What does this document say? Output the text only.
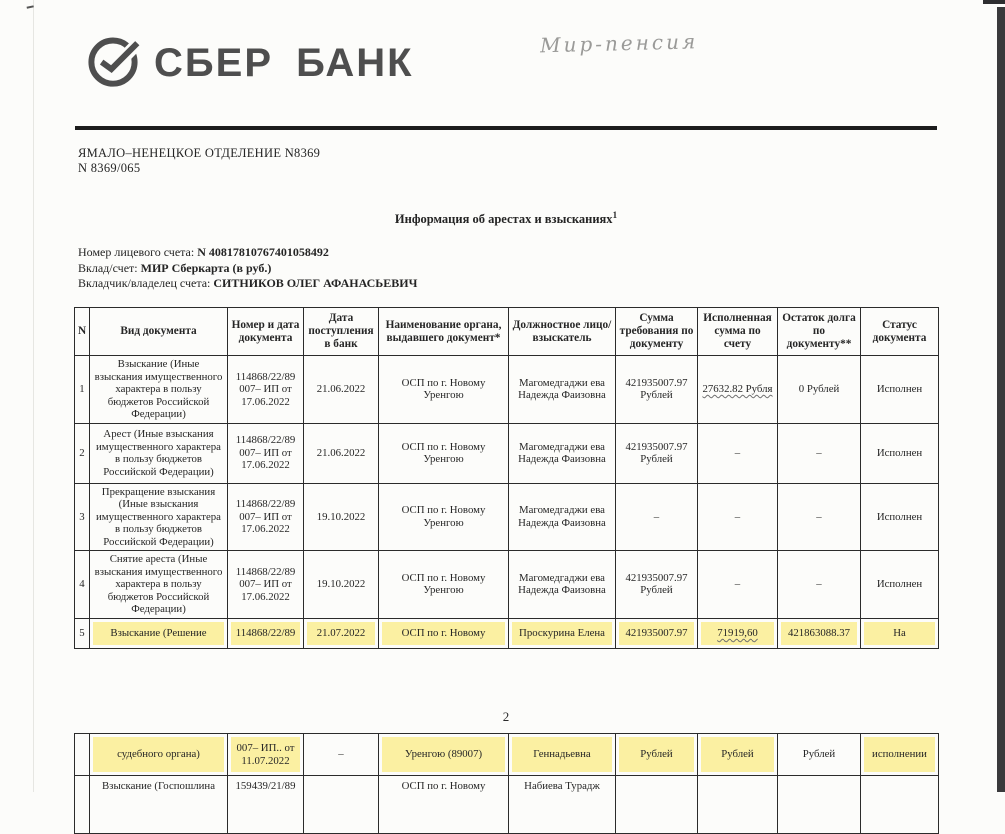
СБЕР БАНК	Мир-пенсия
ЯМАЛО–НЕНЕЦКОЕ ОТДЕЛЕНИЕ N8369
N 8369/065
Информация об арестах и взысканиях$^1$
Номер лицевого счета: N 40817810767401058492
Вклад/счет: МИР Сберкарта (в руб.)
Вкладчик/владелец счета: СИТНИКОВ ОЛЕГ АФАНАСЬЕВИЧ
N	Вид документа	Номер и дата документа	Дата поступления в банк	Наименование органа, выдавшего документ*	Должностное лицо/взыскатель	Сумма требования по документу	Исполненная сумма по счету	Остаток долга по документу**	Статус документа
1	Взыскание (Иные взыскания имущественного характера в пользу бюджетов Российской Федерации)	114868/22/89 007– ИП от 17.06.2022	21.06.2022	ОСП по г. Новому Уренгою	Магомедгаджи ева Надежда Фаизовна	421935007.97 Рублей	27632.82 Рубля	0 Рублей	Исполнен
2	Арест (Иные взыскания имущественного характера в пользу бюджетов Российской Федерации)	114868/22/89 007– ИП от 17.06.2022	21.06.2022	ОСП по г. Новому Уренгою	Магомедгаджи ева Надежда Фаизовна	421935007.97 Рублей	–	–	Исполнен
3	Прекращение взыскания (Иные взыскания имущественного характера в пользу бюджетов Российской Федерации)	114868/22/89 007– ИП от 17.06.2022	19.10.2022	ОСП по г. Новому Уренгою	Магомедгаджи ева Надежда Фаизовна	–	–	–	Исполнен
4	Снятие ареста (Иные взыскания имущественного характера в пользу бюджетов Российской Федерации)	114868/22/89 007– ИП от 17.06.2022	19.10.2022	ОСП по г. Новому Уренгою	Магомедгаджи ева Надежда Фаизовна	421935007.97 Рублей	–	–	Исполнен
5	Взыскание (Решение	114868/22/89	21.07.2022	ОСП по г. Новому	Проскурина Елена	421935007.97	71919,60	421863088.37	На
2
	судебного органа)	007– ИП.. от 11.07.2022	–	Уренгою (89007)	Геннадьевна	Рублей	Рублей	Рублей	исполнении
	Взыскание (Госпошлина	159439/21/89		ОСП по г. Новому	Набиева Турадж				
